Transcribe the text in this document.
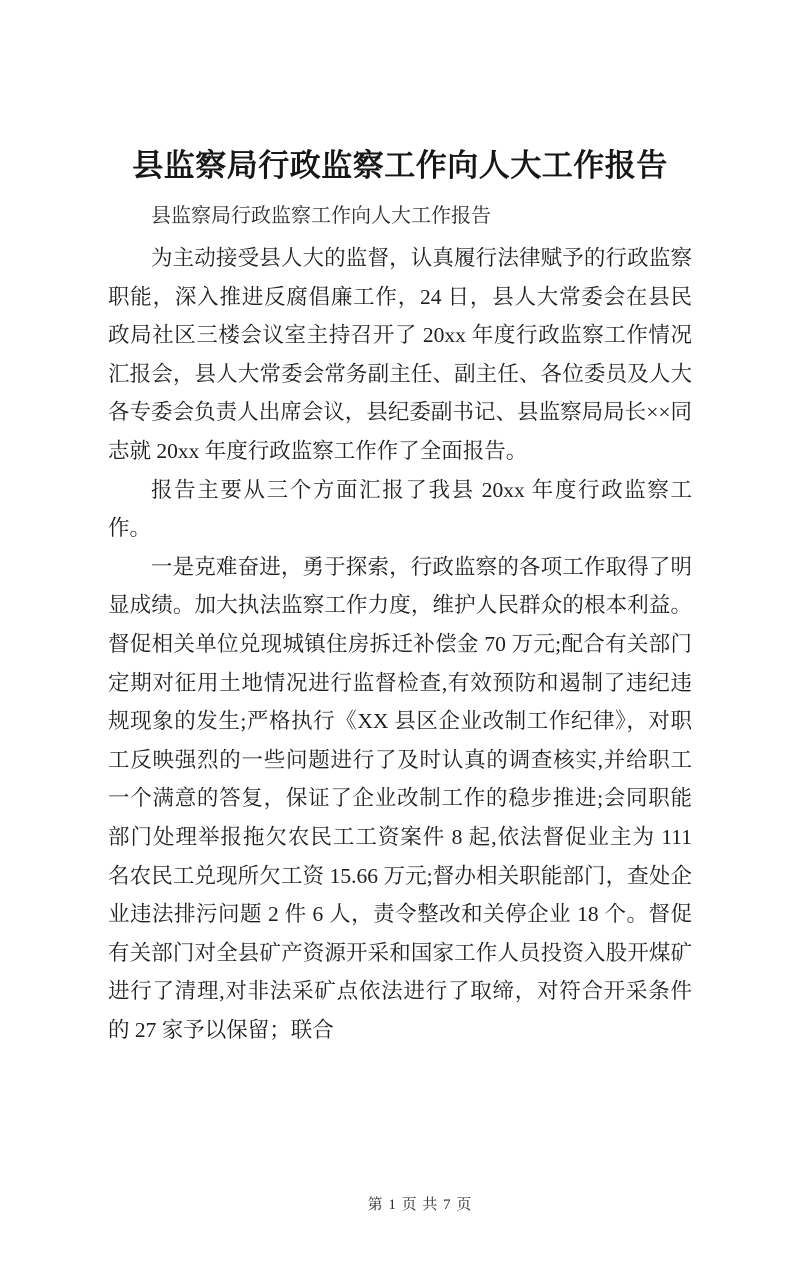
县监察局行政监察工作向人大工作报告

县监察局行政监察工作向人大工作报告

为主动接受县人大的监督，认真履行法律赋予的行政监察职能，深入推进反腐倡廉工作，24 日，县人大常委会在县民政局社区三楼会议室主持召开了 20xx 年度行政监察工作情况汇报会，县人大常委会常务副主任、副主任、各位委员及人大各专委会负责人出席会议，县纪委副书记、县监察局局长××同志就 20xx 年度行政监察工作作了全面报告。

报告主要从三个方面汇报了我县 20xx 年度行政监察工作。

一是克难奋进，勇于探索，行政监察的各项工作取得了明显成绩。加大执法监察工作力度，维护人民群众的根本利益。督促相关单位兑现城镇住房拆迁补偿金 70 万元;配合有关部门定期对征用土地情况进行监督检查,有效预防和遏制了违纪违规现象的发生;严格执行《XX 县区企业改制工作纪律》，对职工反映强烈的一些问题进行了及时认真的调查核实,并给职工一个满意的答复，保证了企业改制工作的稳步推进;会同职能部门处理举报拖欠农民工工资案件 8 起,依法督促业主为 111 名农民工兑现所欠工资 15.66 万元;督办相关职能部门，查处企业违法排污问题 2 件 6 人，责令整改和关停企业 18 个。督促有关部门对全县矿产资源开采和国家工作人员投资入股开煤矿进行了清理,对非法采矿点依法进行了取缔，对符合开采条件的 27 家予以保留；联合

第 1 页 共 7 页
